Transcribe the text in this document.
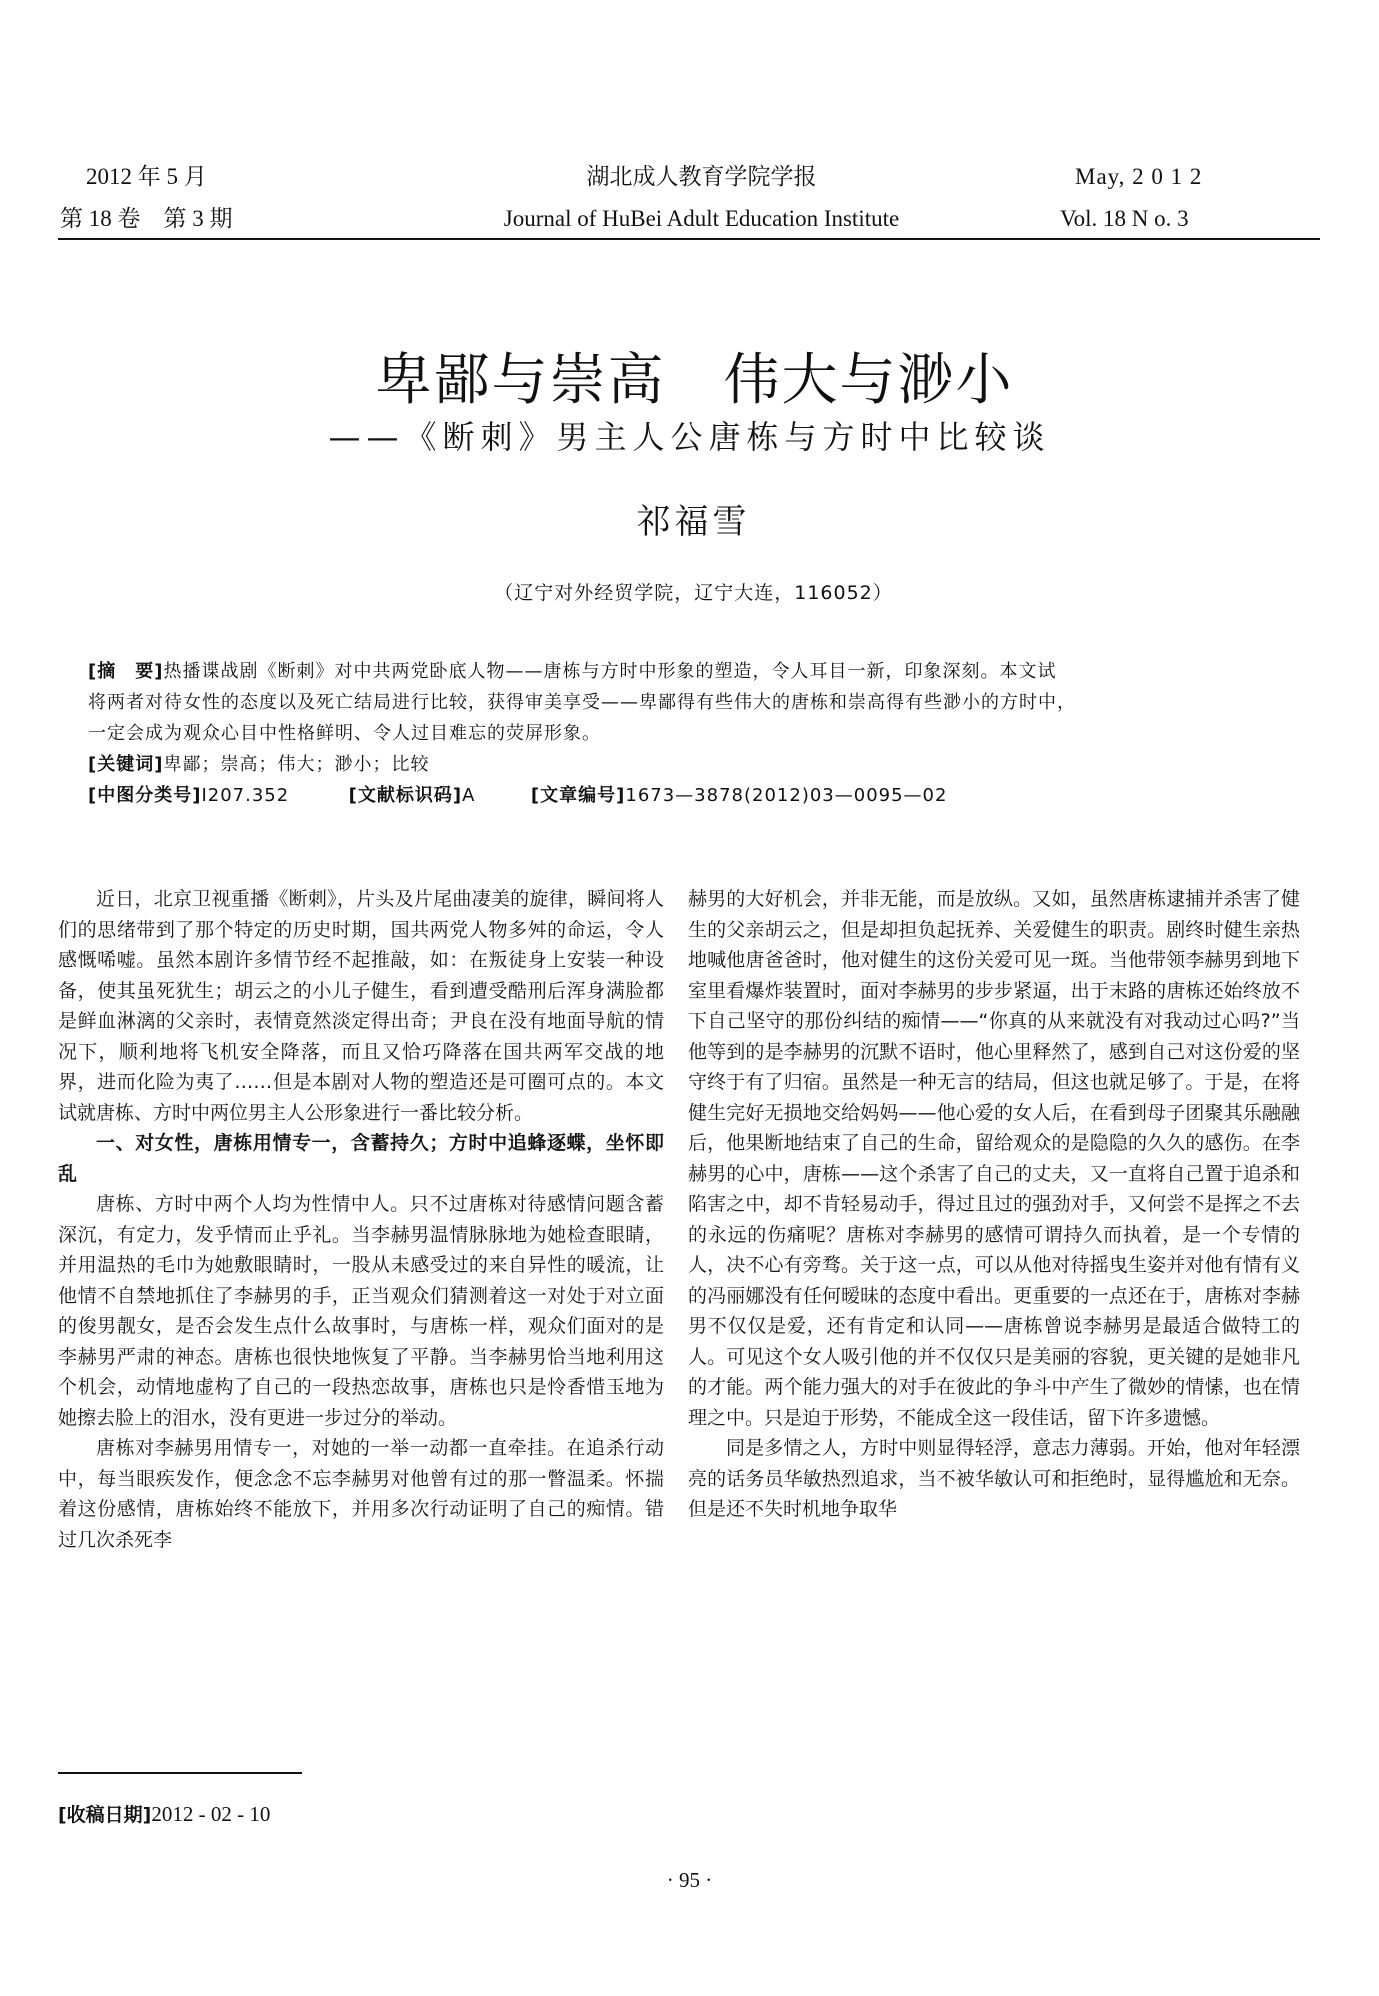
2012 年 5 月
第 18 卷　第 3 期
湖北成人教育学院学报
Journal of HuBei Adult Education Institute
May, 2 0 1 2
Vol. 18 N o. 3
卑鄙与崇高　伟大与渺小
——《断刺》男主人公唐栋与方时中比较谈
祁福雪
（辽宁对外经贸学院，辽宁大连，116052）
[摘　要]热播谍战剧《断刺》对中共两党卧底人物——唐栋与方时中形象的塑造，令人耳目一新，印象深刻。本文试
将两者对待女性的态度以及死亡结局进行比较，获得审美享受——卑鄙得有些伟大的唐栋和崇高得有些渺小的方时中，
一定会成为观众心目中性格鲜明、令人过目难忘的荧屏形象。
[关键词]卑鄙；崇高；伟大；渺小；比较
[中图分类号]I207.352	[文献标识码]A	[文章编号]1673—3878(2012)03—0095—02

近日，北京卫视重播《断刺》，片头及片尾曲凄美的旋律，瞬间将人们的思绪带到了那个特定的历史时期，国共两党人物多舛的命运，令人感慨唏嘘。虽然本剧许多情节经不起推敲，如：在叛徒身上安装一种设备，使其虽死犹生；胡云之的小儿子健生，看到遭受酷刑后浑身满脸都是鲜血淋漓的父亲时，表情竟然淡定得出奇；尹良在没有地面导航的情况下，顺利地将飞机安全降落，而且又恰巧降落在国共两军交战的地界，进而化险为夷了……但是本剧对人物的塑造还是可圈可点的。本文试就唐栋、方时中两位男主人公形象进行一番比较分析。

一、对女性，唐栋用情专一，含蓄持久；方时中追蜂逐蝶，坐怀即乱

唐栋、方时中两个人均为性情中人。只不过唐栋对待感情问题含蓄深沉，有定力，发乎情而止乎礼。当李赫男温情脉脉地为她检查眼睛，并用温热的毛巾为她敷眼睛时，一股从未感受过的来自异性的暖流，让他情不自禁地抓住了李赫男的手，正当观众们猜测着这一对处于对立面的俊男靓女，是否会发生点什么故事时，与唐栋一样，观众们面对的是李赫男严肃的神态。唐栋也很快地恢复了平静。当李赫男恰当地利用这个机会，动情地虚构了自己的一段热恋故事，唐栋也只是怜香惜玉地为她擦去脸上的泪水，没有更进一步过分的举动。

唐栋对李赫男用情专一，对她的一举一动都一直牵挂。在追杀行动中，每当眼疾发作，便念念不忘李赫男对他曾有过的那一瞥温柔。怀揣着这份感情，唐栋始终不能放下，并用多次行动证明了自己的痴情。错过几次杀死李

赫男的大好机会，并非无能，而是放纵。又如，虽然唐栋逮捕并杀害了健生的父亲胡云之，但是却担负起抚养、关爱健生的职责。剧终时健生亲热地喊他唐爸爸时，他对健生的这份关爱可见一斑。当他带领李赫男到地下室里看爆炸装置时，面对李赫男的步步紧逼，出于末路的唐栋还始终放不下自己坚守的那份纠结的痴情——“你真的从来就没有对我动过心吗?”当他等到的是李赫男的沉默不语时，他心里释然了，感到自己对这份爱的坚守终于有了归宿。虽然是一种无言的结局，但这也就足够了。于是，在将健生完好无损地交给妈妈——他心爱的女人后，在看到母子团聚其乐融融后，他果断地结束了自己的生命，留给观众的是隐隐的久久的感伤。在李赫男的心中，唐栋——这个杀害了自己的丈夫，又一直将自己置于追杀和陷害之中，却不肯轻易动手，得过且过的强劲对手，又何尝不是挥之不去的永远的伤痛呢？唐栋对李赫男的感情可谓持久而执着，是一个专情的人，决不心有旁骛。关于这一点，可以从他对待摇曳生姿并对他有情有义的冯丽娜没有任何暧昧的态度中看出。更重要的一点还在于，唐栋对李赫男不仅仅是爱，还有肯定和认同——唐栋曾说李赫男是最适合做特工的人。可见这个女人吸引他的并不仅仅只是美丽的容貌，更关键的是她非凡的才能。两个能力强大的对手在彼此的争斗中产生了微妙的情愫，也在情理之中。只是迫于形势，不能成全这一段佳话，留下许多遗憾。

同是多情之人，方时中则显得轻浮，意志力薄弱。开始，他对年轻漂亮的话务员华敏热烈追求，当不被华敏认可和拒绝时，显得尴尬和无奈。但是还不失时机地争取华

[收稿日期]2012 - 02 - 10
· 95 ·
